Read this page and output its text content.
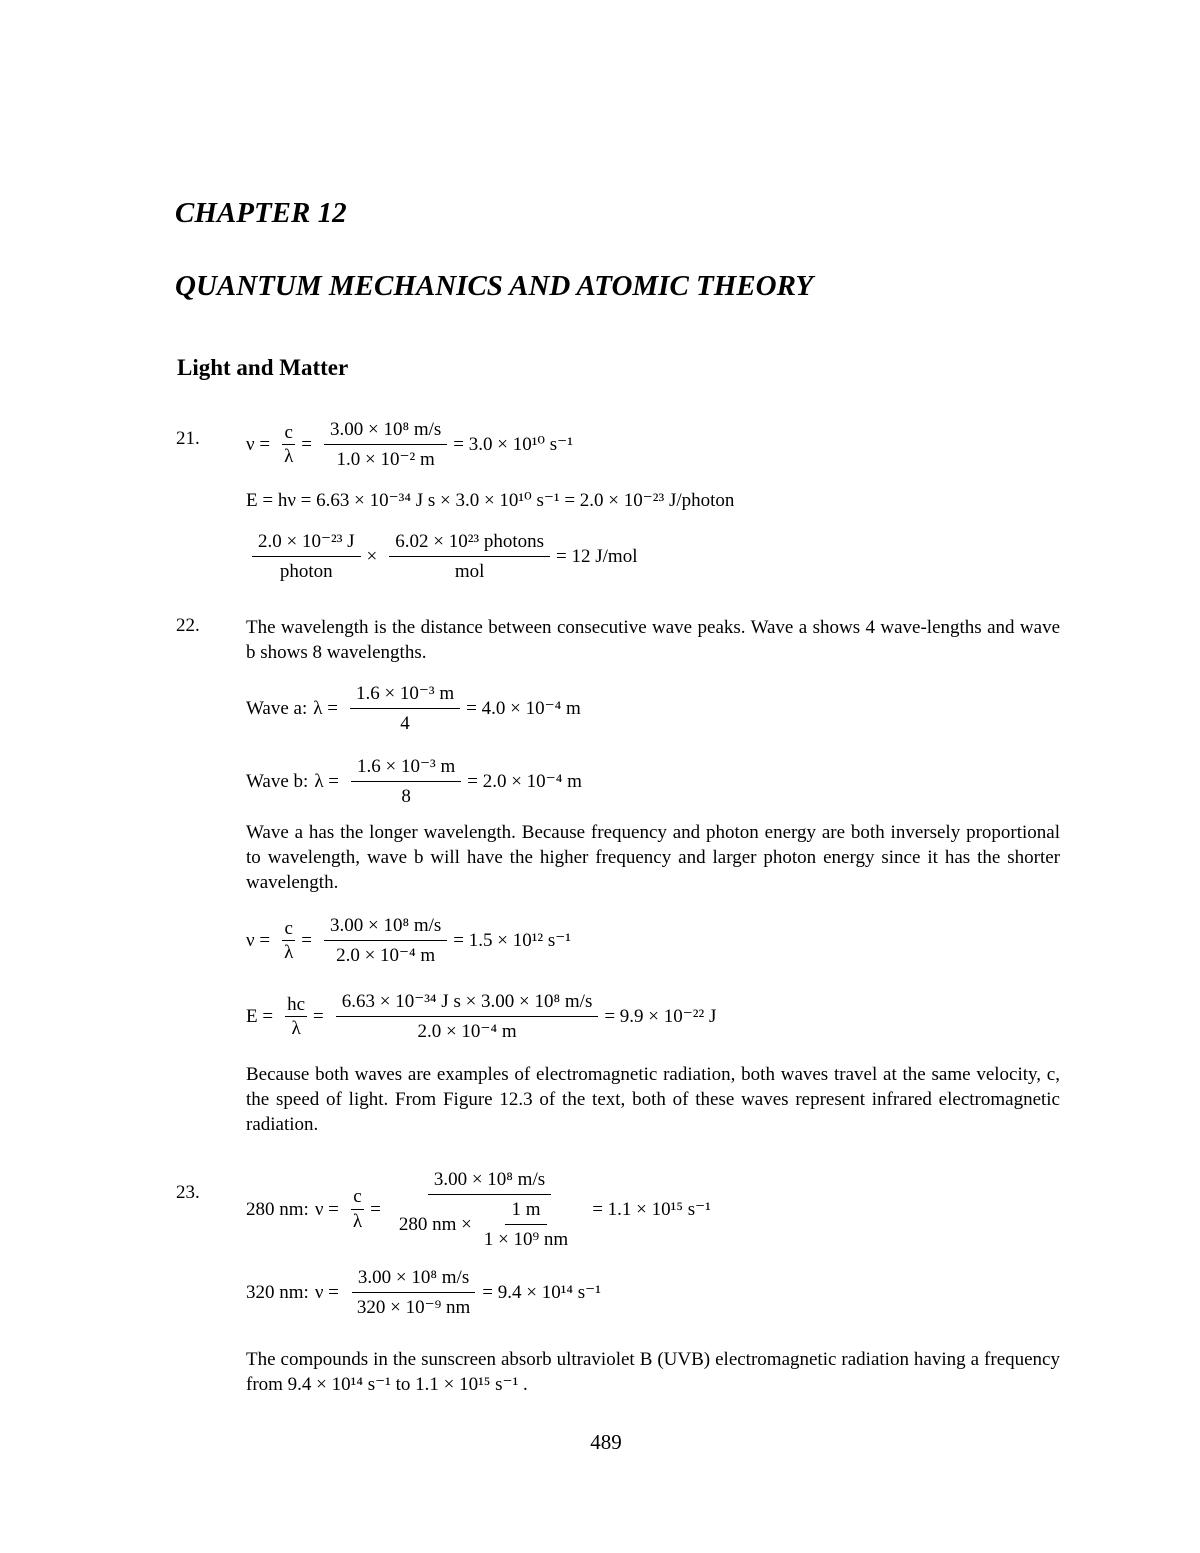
CHAPTER 12
QUANTUM MECHANICS AND ATOMIC THEORY
Light and Matter
21. $\nu = \frac{c}{\lambda} = \frac{\text{3.00 × 10⁸ m/s}}{\text{1.0 × 10⁻² m}} = 3.0 \times 10^{10}$ s⁻¹
E = hν = 6.63 × 10⁻³⁴ J s × 3.0 × 10¹⁰ s⁻¹ = 2.0 × 10⁻²³ J/photon
$\frac{\text{2.0 × 10⁻²³ J}}{\text{photon}} \times \frac{\text{6.02 × 10²³ photons}}{\text{mol}} = 12$ J/mol
22. The wavelength is the distance between consecutive wave peaks. Wave a shows 4 wave-lengths and wave b shows 8 wavelengths.
Wave a: $\lambda = \frac{\text{1.6 × 10⁻³ m}}{4} = 4.0 \times 10^{-4}$ m
Wave b: $\lambda = \frac{\text{1.6 × 10⁻³ m}}{8} = 2.0 \times 10^{-4}$ m
Wave a has the longer wavelength. Because frequency and photon energy are both inversely proportional to wavelength, wave b will have the higher frequency and larger photon energy since it has the shorter wavelength.
$\nu = \frac{c}{\lambda} = \frac{\text{3.00 × 10⁸ m/s}}{\text{2.0 × 10⁻⁴ m}} = 1.5 \times 10^{12}$ s⁻¹
$E = \frac{hc}{\lambda} = \frac{\text{6.63 × 10⁻³⁴ J s × 3.00 × 10⁸ m/s}}{\text{2.0 × 10⁻⁴ m}} = 9.9 \times 10^{-22}$ J
Because both waves are examples of electromagnetic radiation, both waves travel at the same velocity, c, the speed of light. From Figure 12.3 of the text, both of these waves represent infrared electromagnetic radiation.
23.
280 nm: $\nu = \frac{c}{\lambda} = \frac{\text{3.00 × 10⁸ m/s}}{280 nm \times \frac{1 m}{\text{1 × 10⁹ nm}}} = 1.1 \times 10^{15}$ s⁻¹
320 nm: $\nu = \frac{\text{3.00 × 10⁸ m/s}}{\text{320 × 10⁻⁹ nm}} = 9.4 \times 10^{14}$ s⁻¹
The compounds in the sunscreen absorb ultraviolet B (UVB) electromagnetic radiation having a frequency from 9.4 × 10¹⁴ s⁻¹ to 1.1 × 10¹⁵ s⁻¹ .
489
